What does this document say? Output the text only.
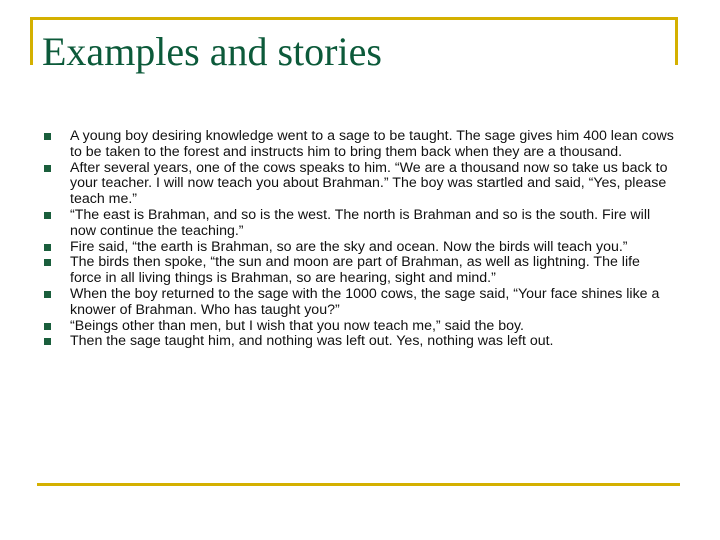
Examples and stories
A young boy desiring knowledge went to a sage to be taught. The sage gives him 400 lean cows to be taken to the forest and instructs him to bring them back when they are a thousand.
After several years, one of the cows speaks to him. “We are a thousand now so take us back to your teacher. I will now teach you about Brahman.” The boy was startled and said, “Yes, please teach me.”
“The east is Brahman, and so is the west. The north is Brahman and so is the south. Fire will now continue the teaching.”
Fire said, “the earth is Brahman, so are the sky and ocean. Now the birds will teach you.”
The birds then spoke, “the sun and moon are part of Brahman, as well as lightning. The life force in all living things is Brahman, so are hearing, sight and mind.”
When the boy returned to the sage with the 1000 cows, the sage said, “Your face shines like a knower of Brahman. Who has taught you?”
“Beings other than men, but I wish that you now teach me,” said the boy.
Then the sage taught him, and nothing was left out. Yes, nothing was left out.
